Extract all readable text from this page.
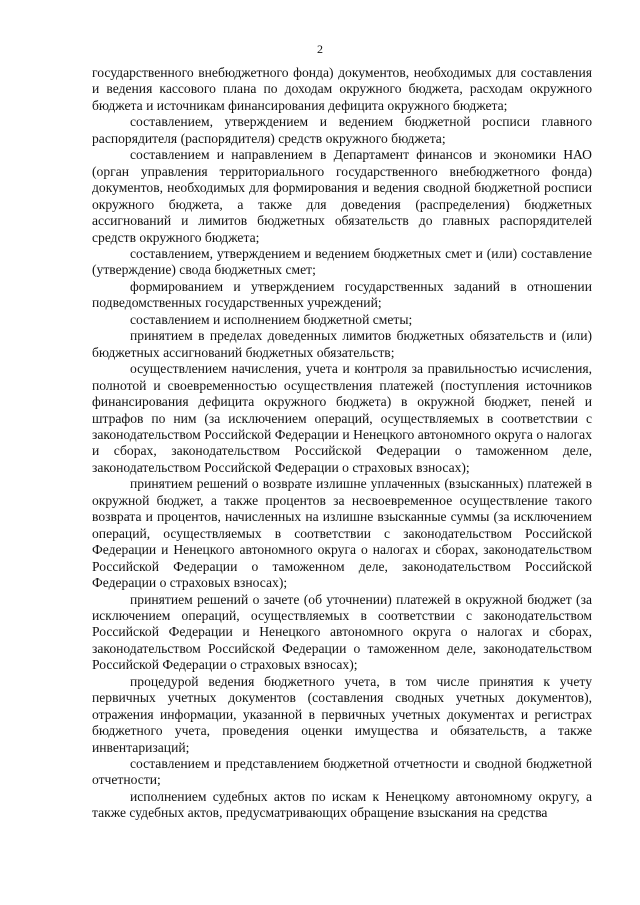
2

государственного внебюджетного фонда) документов, необходимых для составления и ведения кассового плана по доходам окружного бюджета, расходам окружного бюджета и источникам финансирования дефицита окружного бюджета;

составлением, утверждением и ведением бюджетной росписи главного распорядителя (распорядителя) средств окружного бюджета;

составлением и направлением в Департамент финансов и экономики НАО (орган управления территориального государственного внебюджетного фонда) документов, необходимых для формирования и ведения сводной бюджетной росписи окружного бюджета, а также для доведения (распределения) бюджетных ассигнований и лимитов бюджетных обязательств до главных распорядителей средств окружного бюджета;

составлением, утверждением и ведением бюджетных смет и (или) составление (утверждение) свода бюджетных смет;

формированием и утверждением государственных заданий в отношении подведомственных государственных учреждений;

составлением и исполнением бюджетной сметы;

принятием в пределах доведенных лимитов бюджетных обязательств и (или) бюджетных ассигнований бюджетных обязательств;

осуществлением начисления, учета и контроля за правильностью исчисления, полнотой и своевременностью осуществления платежей (поступления источников финансирования дефицита окружного бюджета) в окружной бюджет, пеней и штрафов по ним (за исключением операций, осуществляемых в соответствии с законодательством Российской Федерации и Ненецкого автономного округа о налогах и сборах, законодательством Российской Федерации о таможенном деле, законодательством Российской Федерации о страховых взносах);

принятием решений о возврате излишне уплаченных (взысканных) платежей в окружной бюджет, а также процентов за несвоевременное осуществление такого возврата и процентов, начисленных на излишне взысканные суммы (за исключением операций, осуществляемых в соответствии с законодательством Российской Федерации и Ненецкого автономного округа о налогах и сборах, законодательством Российской Федерации о таможенном деле, законодательством Российской Федерации о страховых взносах);

принятием решений о зачете (об уточнении) платежей в окружной бюджет (за исключением операций, осуществляемых в соответствии с законодательством Российской Федерации и Ненецкого автономного округа о налогах и сборах, законодательством Российской Федерации о таможенном деле, законодательством Российской Федерации о страховых взносах);

процедурой ведения бюджетного учета, в том числе принятия к учету первичных учетных документов (составления сводных учетных документов), отражения информации, указанной в первичных учетных документах и регистрах бюджетного учета, проведения оценки имущества и обязательств, а также инвентаризаций;

составлением и представлением бюджетной отчетности и сводной бюджетной отчетности;

исполнением судебных актов по искам к Ненецкому автономному округу, а также судебных актов, предусматривающих обращение взыскания на средства
